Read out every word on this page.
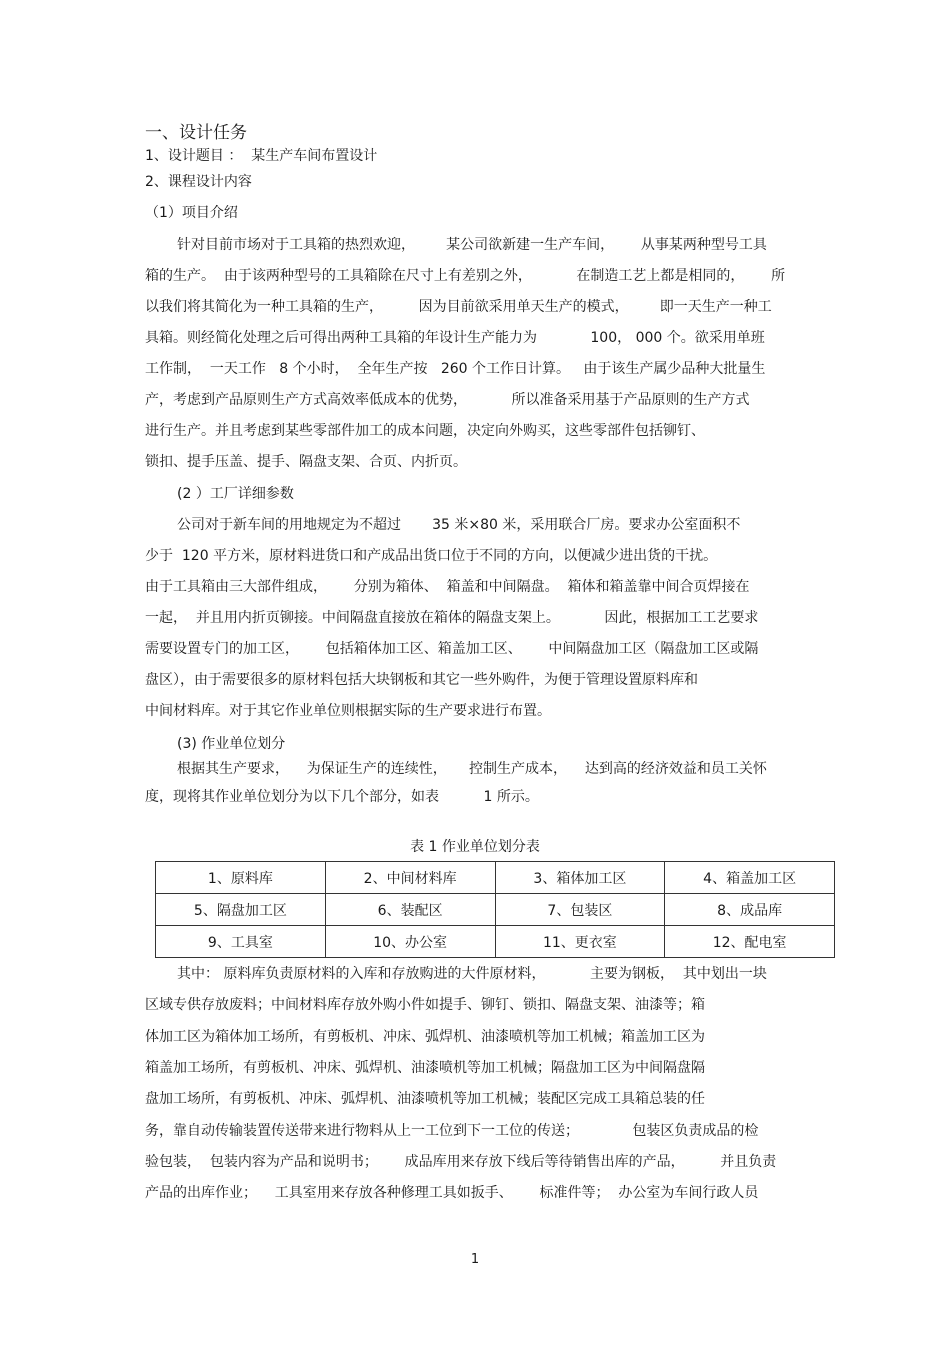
一、设计任务
1、设计题目 ：  某生产车间布置设计
2、课程设计内容
（1）项目介绍
针对目前市场对于工具箱的热烈欢迎，       某公司欲新建一生产车间，      从事某两种型号工具
箱的生产。  由于该两种型号的工具箱除在尺寸上有差别之外，          在制造工艺上都是相同的，      所
以我们将其简化为一种工具箱的生产，        因为目前欲采用单天生产的模式，       即一天生产一种工
具箱。则经简化处理之后可得出两种工具箱的年设计生产能力为            100， 000 个。欲采用单班
工作制，  一天工作   8 个小时，  全年生产按   260 个工作日计算。   由于该生产属少品种大批量生
产，考虑到产品原则生产方式高效率低成本的优势，          所以准备采用基于产品原则的生产方式
进行生产。并且考虑到某些零部件加工的成本问题，决定向外购买，这些零部件包括铆钉、
锁扣、提手压盖、提手、隔盘支架、合页、内折页。
(2 ）工厂详细参数
公司对于新车间的用地规定为不超过       35 米×80 米，采用联合厂房。要求办公室面积不
少于  120 平方米，原材料进货口和产成品出货口位于不同的方向，以便减少进出货的干扰。
由于工具箱由三大部件组成，      分别为箱体、  箱盖和中间隔盘。  箱体和箱盖靠中间合页焊接在
一起，  并且用内折页铆接。中间隔盘直接放在箱体的隔盘支架上。          因此，根据加工工艺要求
需要设置专门的加工区，      包括箱体加工区、箱盖加工区、      中间隔盘加工区（隔盘加工区或隔
盘区），由于需要很多的原材料包括大块钢板和其它一些外购件，为便于管理设置原料库和
中间材料库。对于其它作业单位则根据实际的生产要求进行布置。
(3) 作业单位划分
根据其生产要求，    为保证生产的连续性，     控制生产成本，    达到高的经济效益和员工关怀
度，现将其作业单位划分为以下几个部分，如表          1 所示。
表 1 作业单位划分表
1、原料库	2、中间材料库	3、箱体加工区	4、箱盖加工区
5、隔盘加工区	6、装配区	7、包装区	8、成品库
9、工具室	10、办公室	11、更衣室	12、配电室
其中： 原料库负责原材料的入库和存放购进的大件原材料，          主要为钢板，  其中划出一块
区域专供存放废料；中间材料库存放外购小件如提手、铆钉、锁扣、隔盘支架、油漆等；箱
体加工区为箱体加工场所，有剪板机、冲床、弧焊机、油漆喷机等加工机械；箱盖加工区为
箱盖加工场所，有剪板机、冲床、弧焊机、油漆喷机等加工机械；隔盘加工区为中间隔盘隔
盘加工场所，有剪板机、冲床、弧焊机、油漆喷机等加工机械；装配区完成工具箱总装的任
务，靠自动传输装置传送带来进行物料从上一工位到下一工位的传送；            包装区负责成品的检
验包装，  包装内容为产品和说明书；      成品库用来存放下线后等待销售出库的产品，        并且负责
产品的出库作业；    工具室用来存放各种修理工具如扳手、      标准件等；  办公室为车间行政人员
1
